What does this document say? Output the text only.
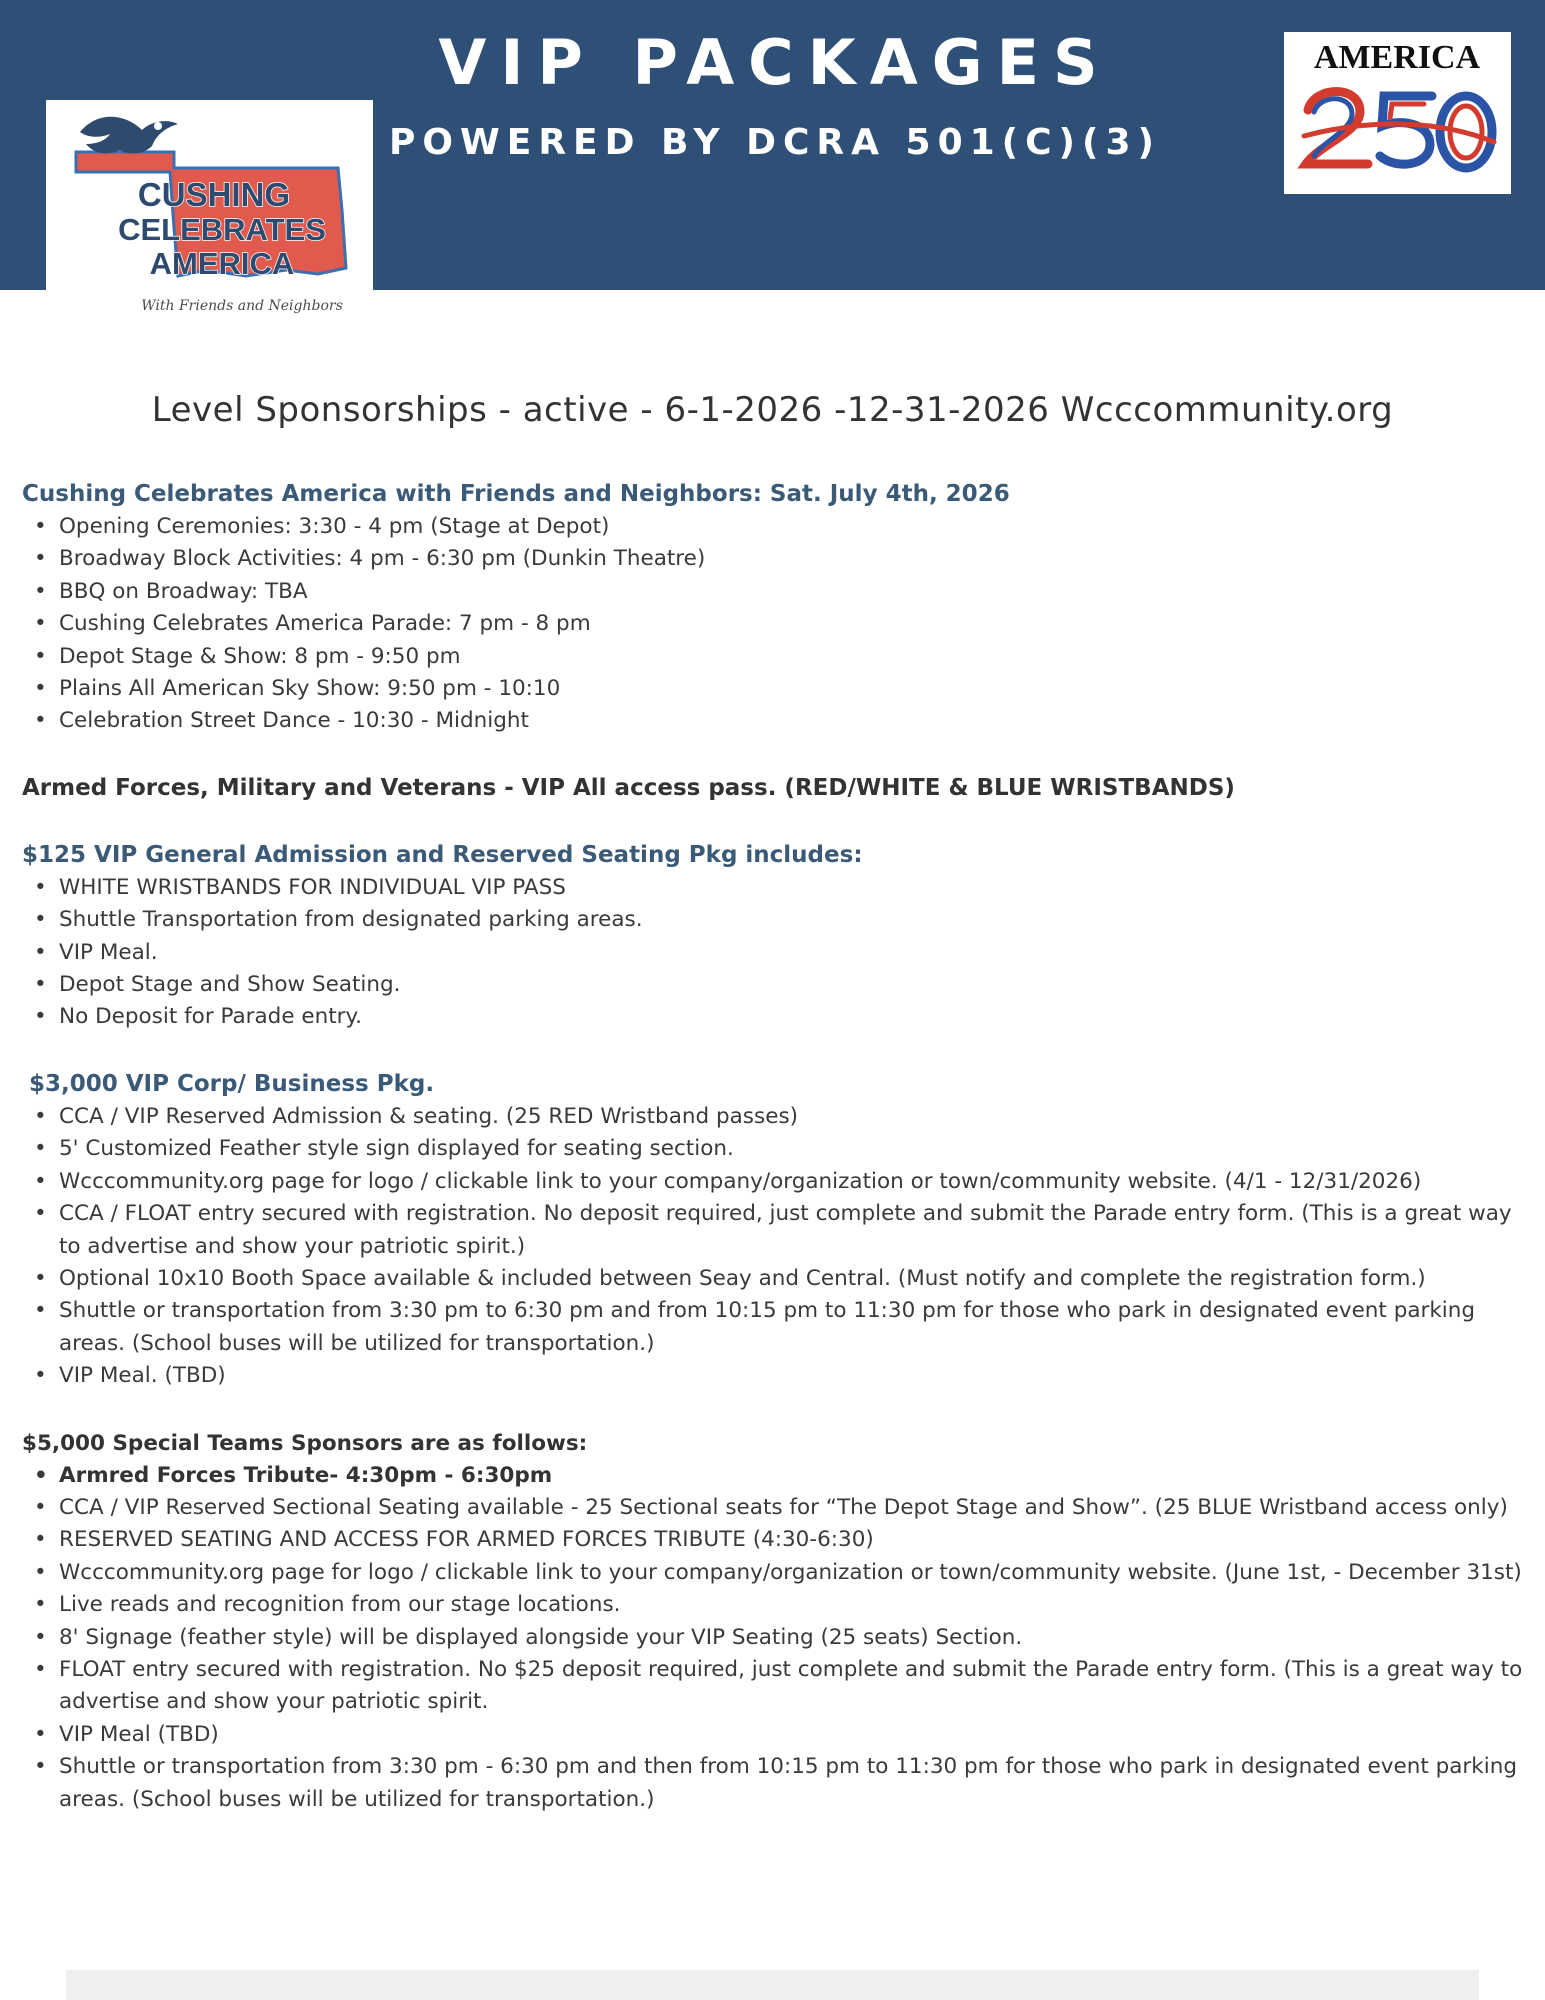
VIP PACKAGES
POWERED BY DCRA 501(C)(3)
CUSHING
CELEBRATES
AMERICA
With Friends and Neighbors
AMERICA
250
Level Sponsorships - active - 6-1-2026 -12-31-2026 Wcccommunity.org
Cushing Celebrates America with Friends and Neighbors: Sat. July 4th, 2026
• Opening Ceremonies: 3:30 - 4 pm (Stage at Depot)
• Broadway Block Activities: 4 pm - 6:30 pm (Dunkin Theatre)
• BBQ on Broadway: TBA
• Cushing Celebrates America Parade: 7 pm - 8 pm
• Depot Stage & Show: 8 pm - 9:50 pm
• Plains All American Sky Show: 9:50 pm - 10:10
• Celebration Street Dance - 10:30 - Midnight
Armed Forces, Military and Veterans - VIP All access pass. (RED/WHITE & BLUE WRISTBANDS)
$125 VIP General Admission and Reserved Seating Pkg includes:
• WHITE WRISTBANDS FOR INDIVIDUAL VIP PASS
• Shuttle Transportation from designated parking areas.
• VIP Meal.
• Depot Stage and Show Seating.
• No Deposit for Parade entry.
$3,000 VIP Corp/ Business Pkg.
• CCA / VIP Reserved Admission & seating. (25 RED Wristband passes)
• 5' Customized Feather style sign displayed for seating section.
• Wcccommunity.org page for logo / clickable link to your company/organization or town/community website. (4/1 - 12/31/2026)
• CCA / FLOAT entry secured with registration. No deposit required, just complete and submit the Parade entry form. (This is a great way to advertise and show your patriotic spirit.)
• Optional 10x10 Booth Space available & included between Seay and Central. (Must notify and complete the registration form.)
• Shuttle or transportation from 3:30 pm to 6:30 pm and from 10:15 pm to 11:30 pm for those who park in designated event parking areas. (School buses will be utilized for transportation.)
• VIP Meal. (TBD)
$5,000 Special Teams Sponsors are as follows:
• Armred Forces Tribute- 4:30pm - 6:30pm
• CCA / VIP Reserved Sectional Seating available - 25 Sectional seats for “The Depot Stage and Show”. (25 BLUE Wristband access only)
• RESERVED SEATING AND ACCESS FOR ARMED FORCES TRIBUTE (4:30-6:30)
• Wcccommunity.org page for logo / clickable link to your company/organization or town/community website. (June 1st, - December 31st)
• Live reads and recognition from our stage locations.
• 8' Signage (feather style) will be displayed alongside your VIP Seating (25 seats) Section.
• FLOAT entry secured with registration. No $25 deposit required, just complete and submit the Parade entry form. (This is a great way to advertise and show your patriotic spirit.
• VIP Meal (TBD)
• Shuttle or transportation from 3:30 pm - 6:30 pm and then from 10:15 pm to 11:30 pm for those who park in designated event parking areas. (School buses will be utilized for transportation.)
